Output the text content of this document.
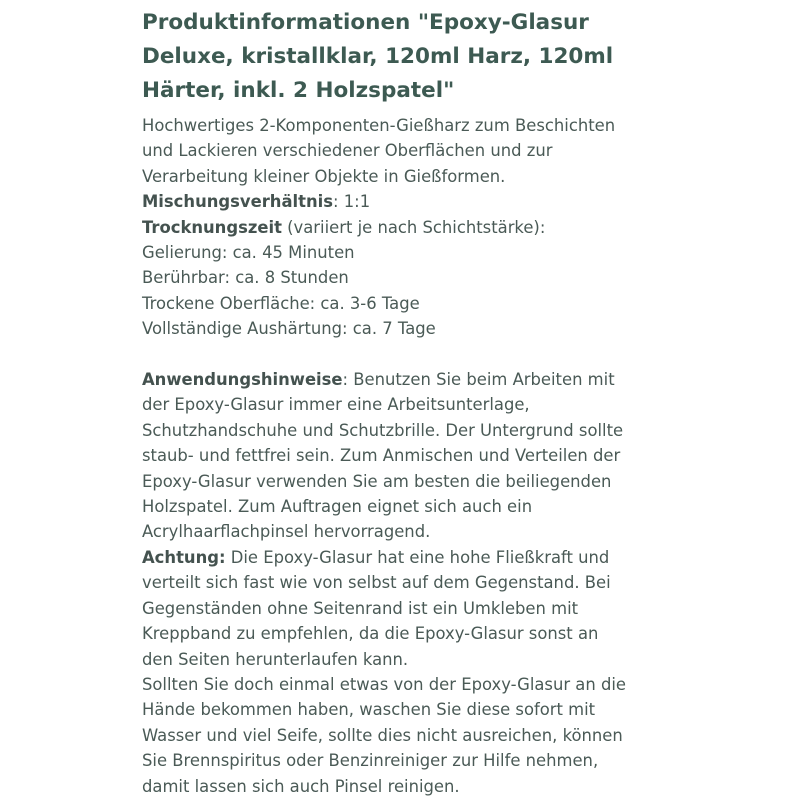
Produktinformationen "Epoxy-Glasur
Deluxe, kristallklar, 120ml Harz, 120ml
Härter, inkl. 2 Holzspatel"
Hochwertiges 2-Komponenten-Gießharz zum Beschichten
und Lackieren verschiedener Oberflächen und zur
Verarbeitung kleiner Objekte in Gießformen.
Mischungsverhältnis: 1:1
Trocknungszeit (variiert je nach Schichtstärke):
Gelierung: ca. 45 Minuten
Berührbar: ca. 8 Stunden
Trockene Oberfläche: ca. 3-6 Tage
Vollständige Aushärtung: ca. 7 Tage
Anwendungshinweise: Benutzen Sie beim Arbeiten mit
der Epoxy-Glasur immer eine Arbeitsunterlage,
Schutzhandschuhe und Schutzbrille. Der Untergrund sollte
staub- und fettfrei sein. Zum Anmischen und Verteilen der
Epoxy-Glasur verwenden Sie am besten die beiliegenden
Holzspatel. Zum Auftragen eignet sich auch ein
Acrylhaarflachpinsel hervorragend.
Achtung: Die Epoxy-Glasur hat eine hohe Fließkraft und
verteilt sich fast wie von selbst auf dem Gegenstand. Bei
Gegenständen ohne Seitenrand ist ein Umkleben mit
Kreppband zu empfehlen, da die Epoxy-Glasur sonst an
den Seiten herunterlaufen kann.
Sollten Sie doch einmal etwas von der Epoxy-Glasur an die
Hände bekommen haben, waschen Sie diese sofort mit
Wasser und viel Seife, sollte dies nicht ausreichen, können
Sie Brennspiritus oder Benzinreiniger zur Hilfe nehmen,
damit lassen sich auch Pinsel reinigen.
